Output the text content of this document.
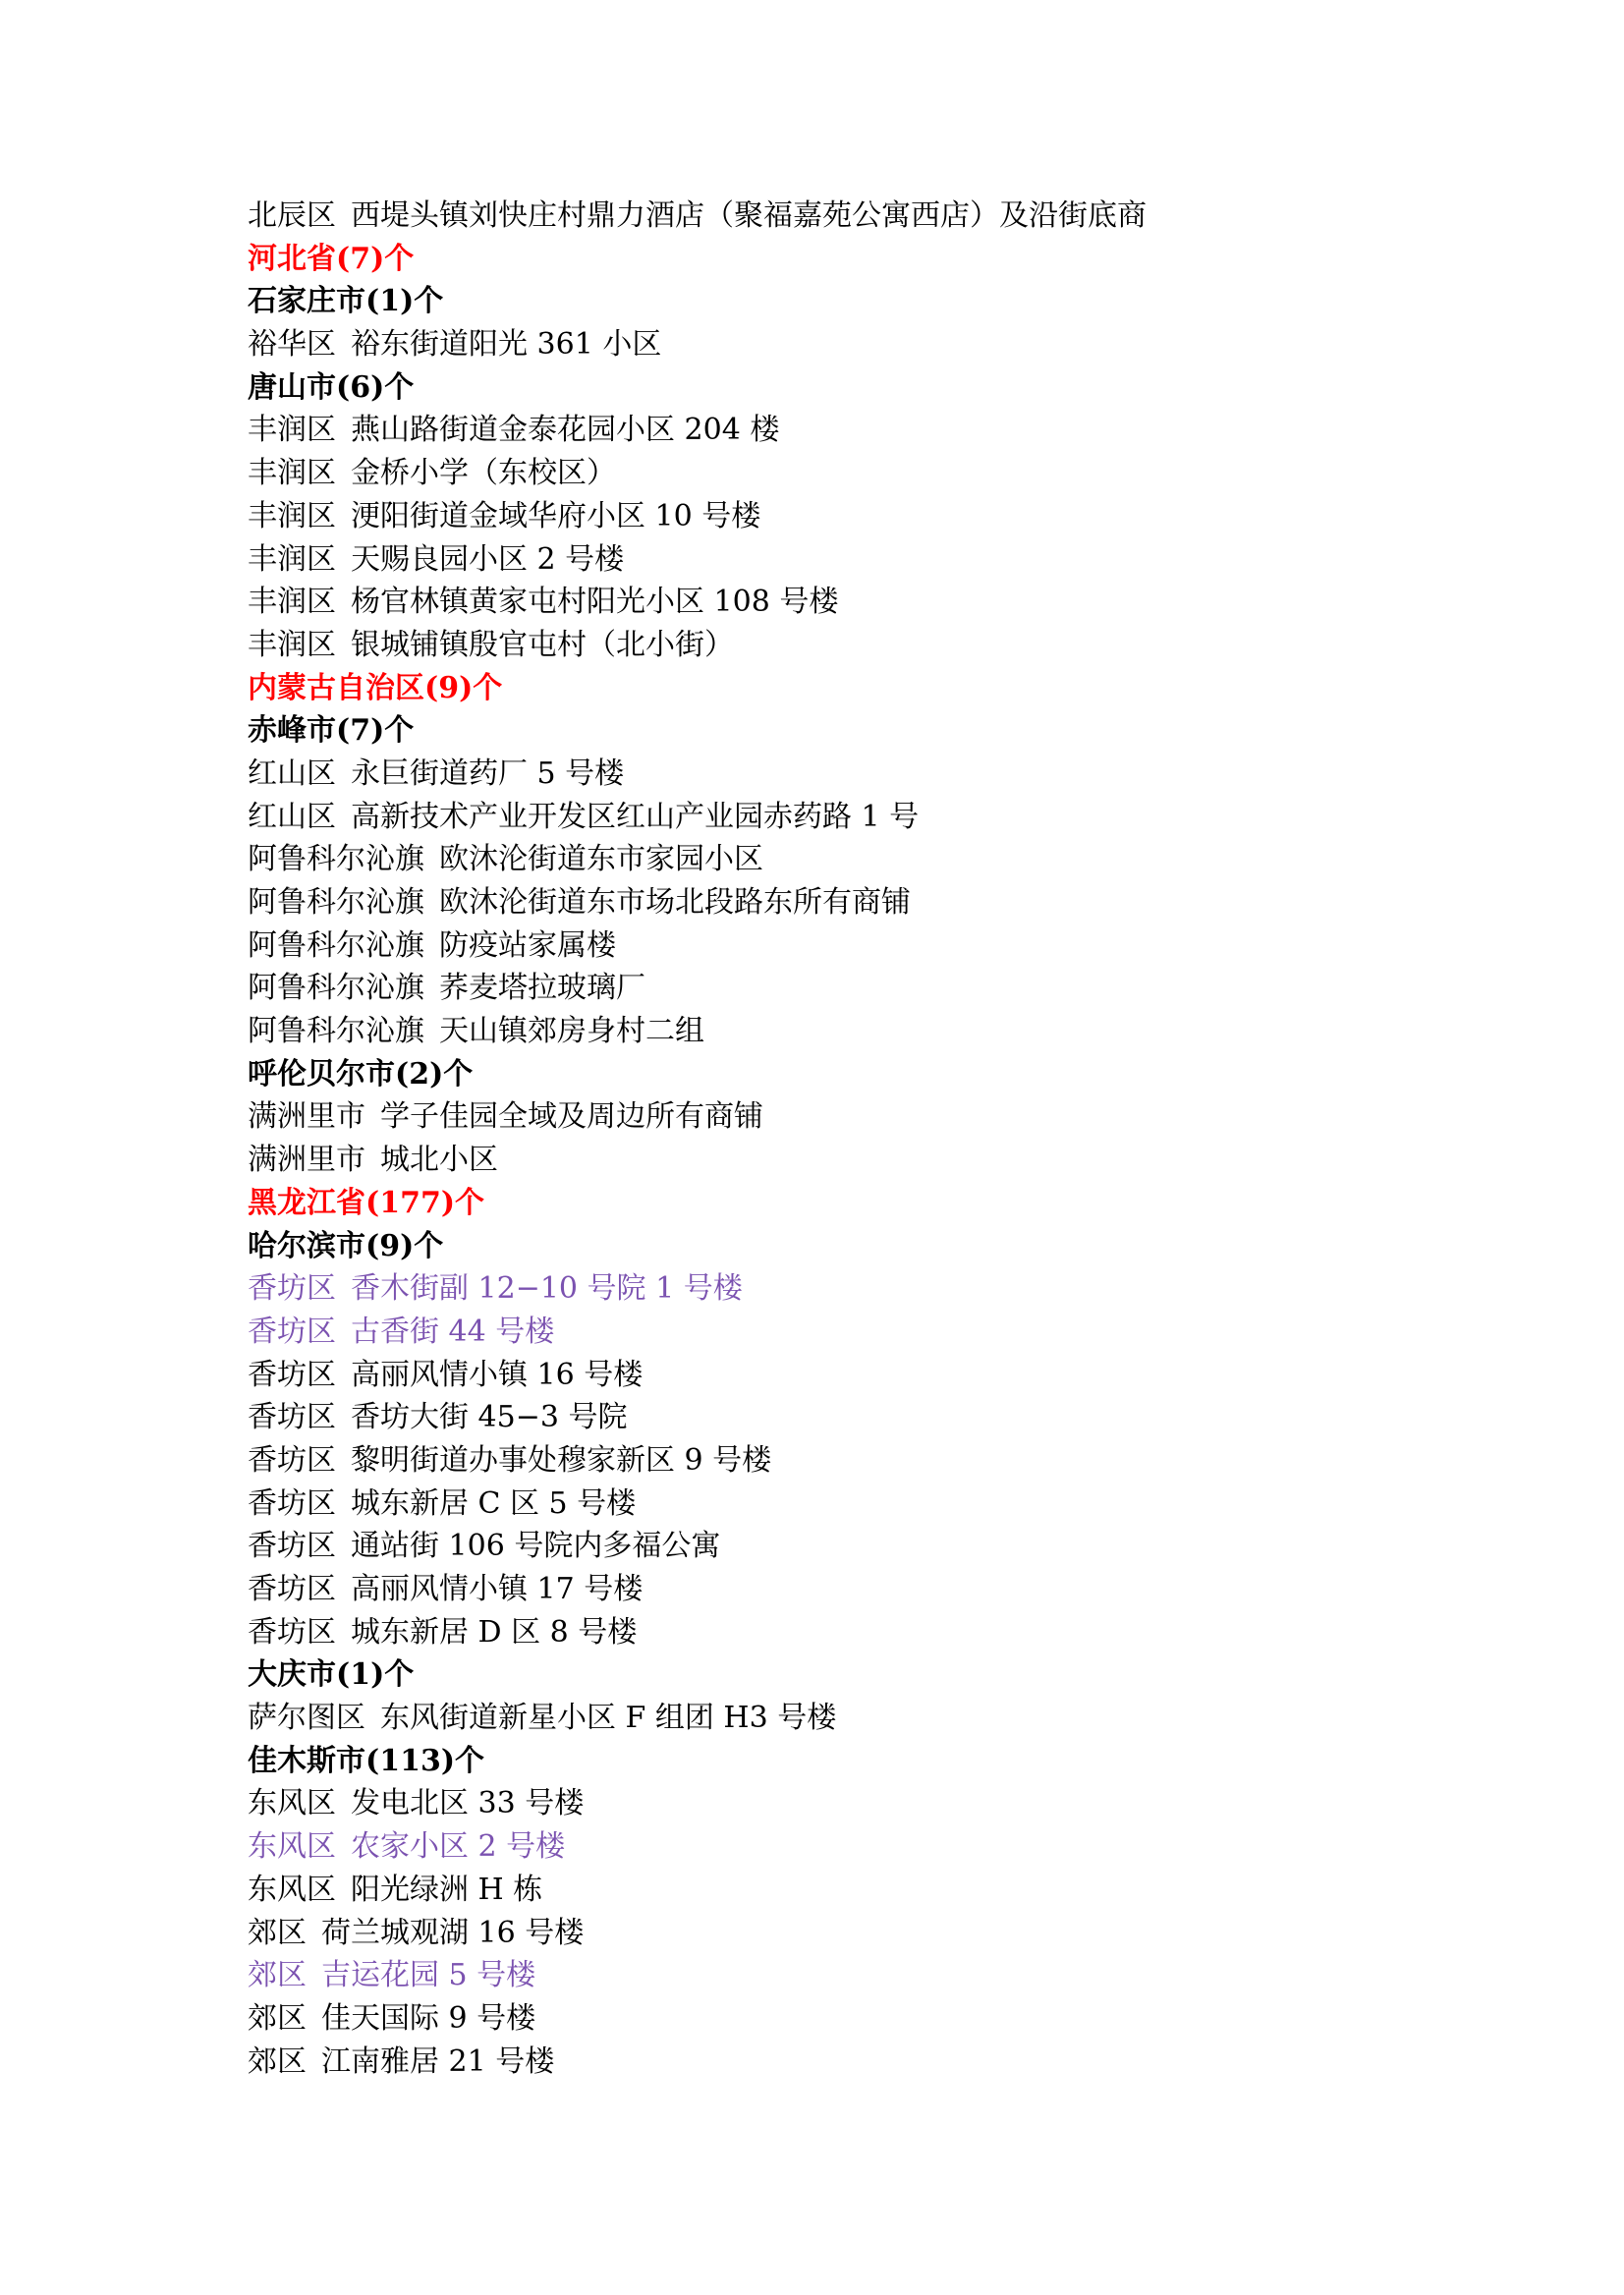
北辰区 西堤头镇刘快庄村鼎力酒店（聚福嘉苑公寓西店）及沿街底商
河北省(7)个
石家庄市(1)个
裕华区 裕东街道阳光 361 小区
唐山市(6)个
丰润区 燕山路街道金泰花园小区 204 楼
丰润区 金桥小学（东校区）
丰润区 浭阳街道金域华府小区 10 号楼
丰润区 天赐良园小区 2 号楼
丰润区 杨官林镇黄家屯村阳光小区 108 号楼
丰润区 银城铺镇殷官屯村（北小街）
内蒙古自治区(9)个
赤峰市(7)个
红山区 永巨街道药厂 5 号楼
红山区 高新技术产业开发区红山产业园赤药路 1 号
阿鲁科尔沁旗 欧沐沦街道东市家园小区
阿鲁科尔沁旗 欧沐沦街道东市场北段路东所有商铺
阿鲁科尔沁旗 防疫站家属楼
阿鲁科尔沁旗 荞麦塔拉玻璃厂
阿鲁科尔沁旗 天山镇郊房身村二组
呼伦贝尔市(2)个
满洲里市 学子佳园全域及周边所有商铺
满洲里市 城北小区
黑龙江省(177)个
哈尔滨市(9)个
香坊区 香木街副 12−10 号院 1 号楼
香坊区 古香街 44 号楼
香坊区 高丽风情小镇 16 号楼
香坊区 香坊大街 45−3 号院
香坊区 黎明街道办事处穆家新区 9 号楼
香坊区 城东新居 C 区 5 号楼
香坊区 通站街 106 号院内多福公寓
香坊区 高丽风情小镇 17 号楼
香坊区 城东新居 D 区 8 号楼
大庆市(1)个
萨尔图区 东风街道新星小区 F 组团 H3 号楼
佳木斯市(113)个
东风区 发电北区 33 号楼
东风区 农家小区 2 号楼
东风区 阳光绿洲 H 栋
郊区 荷兰城观湖 16 号楼
郊区 吉运花园 5 号楼
郊区 佳天国际 9 号楼
郊区 江南雅居 21 号楼
